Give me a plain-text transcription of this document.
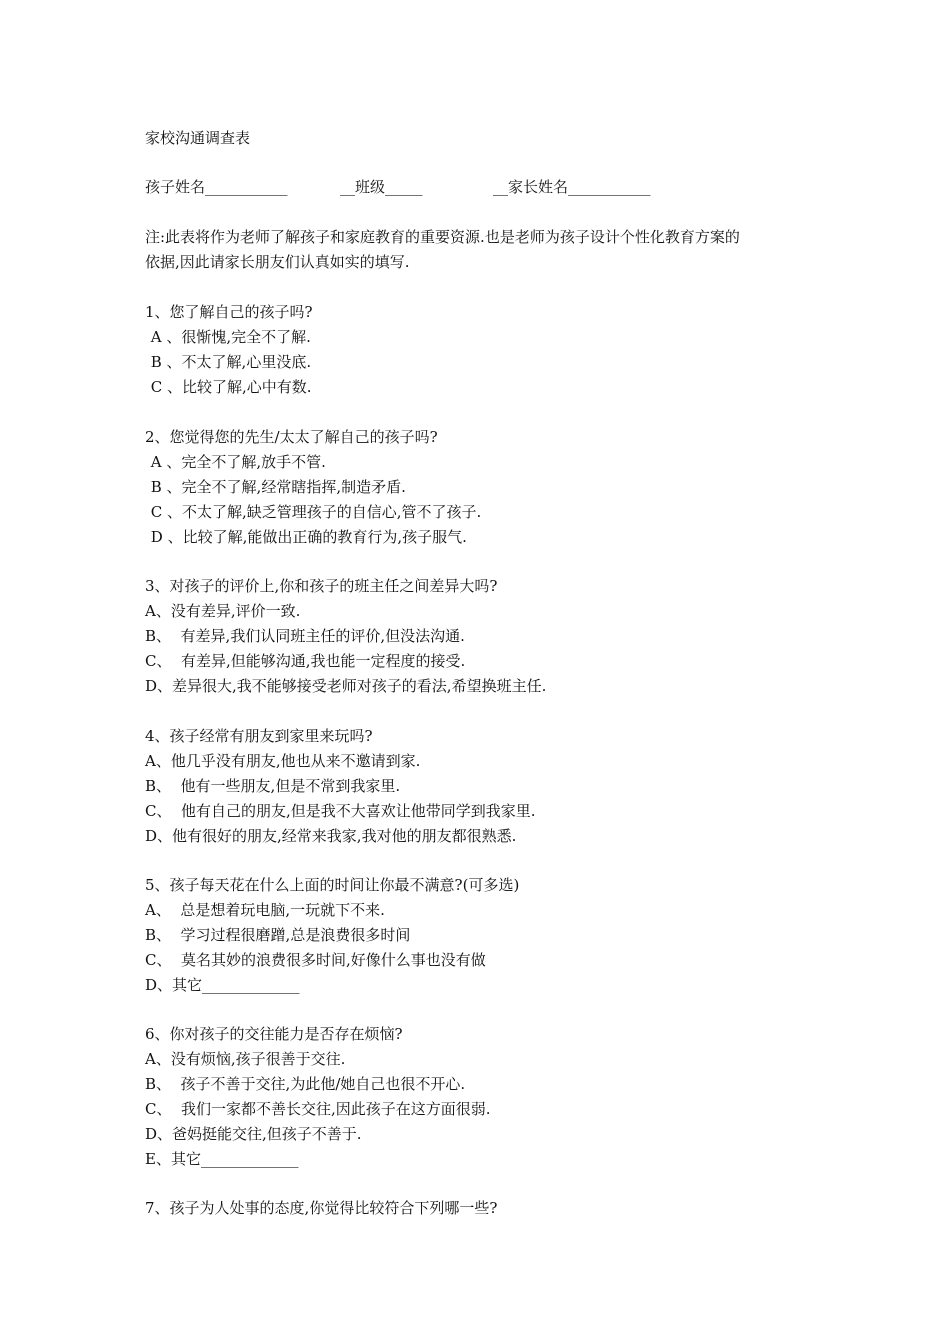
家校沟通调查表
孩子姓名___________	__班级_____	__家长姓名___________
注:此表将作为老师了解孩子和家庭教育的重要资源.也是老师为孩子设计个性化教育方案的
依据,因此请家长朋友们认真如实的填写.
1、您了解自己的孩子吗?
A 、很惭愧,完全不了解.
B 、不太了解,心里没底.
C 、比较了解,心中有数.
2、您觉得您的先生/太太了解自己的孩子吗?
A 、完全不了解,放手不管.
B 、完全不了解,经常瞎指挥,制造矛盾.
C 、不太了解,缺乏管理孩子的自信心,管不了孩子.
D 、比较了解,能做出正确的教育行为,孩子服气.
3、对孩子的评价上,你和孩子的班主任之间差异大吗?
A、没有差异,评价一致.
B、  有差异,我们认同班主任的评价,但没法沟通.
C、  有差异,但能够沟通,我也能一定程度的接受.
D、差异很大,我不能够接受老师对孩子的看法,希望换班主任.
4、孩子经常有朋友到家里来玩吗?
A、他几乎没有朋友,他也从来不邀请到家.
B、  他有一些朋友,但是不常到我家里.
C、  他有自己的朋友,但是我不大喜欢让他带同学到我家里.
D、他有很好的朋友,经常来我家,我对他的朋友都很熟悉.
5、孩子每天花在什么上面的时间让你最不满意?(可多选)
A、  总是想着玩电脑,一玩就下不来.
B、  学习过程很磨蹭,总是浪费很多时间
C、  莫名其妙的浪费很多时间,好像什么事也没有做
D、其它_____________
6、你对孩子的交往能力是否存在烦恼?
A、没有烦恼,孩子很善于交往.
B、  孩子不善于交往,为此他/她自己也很不开心.
C、  我们一家都不善长交往,因此孩子在这方面很弱.
D、爸妈挺能交往,但孩子不善于.
E、其它_____________
7、孩子为人处事的态度,你觉得比较符合下列哪一些?
